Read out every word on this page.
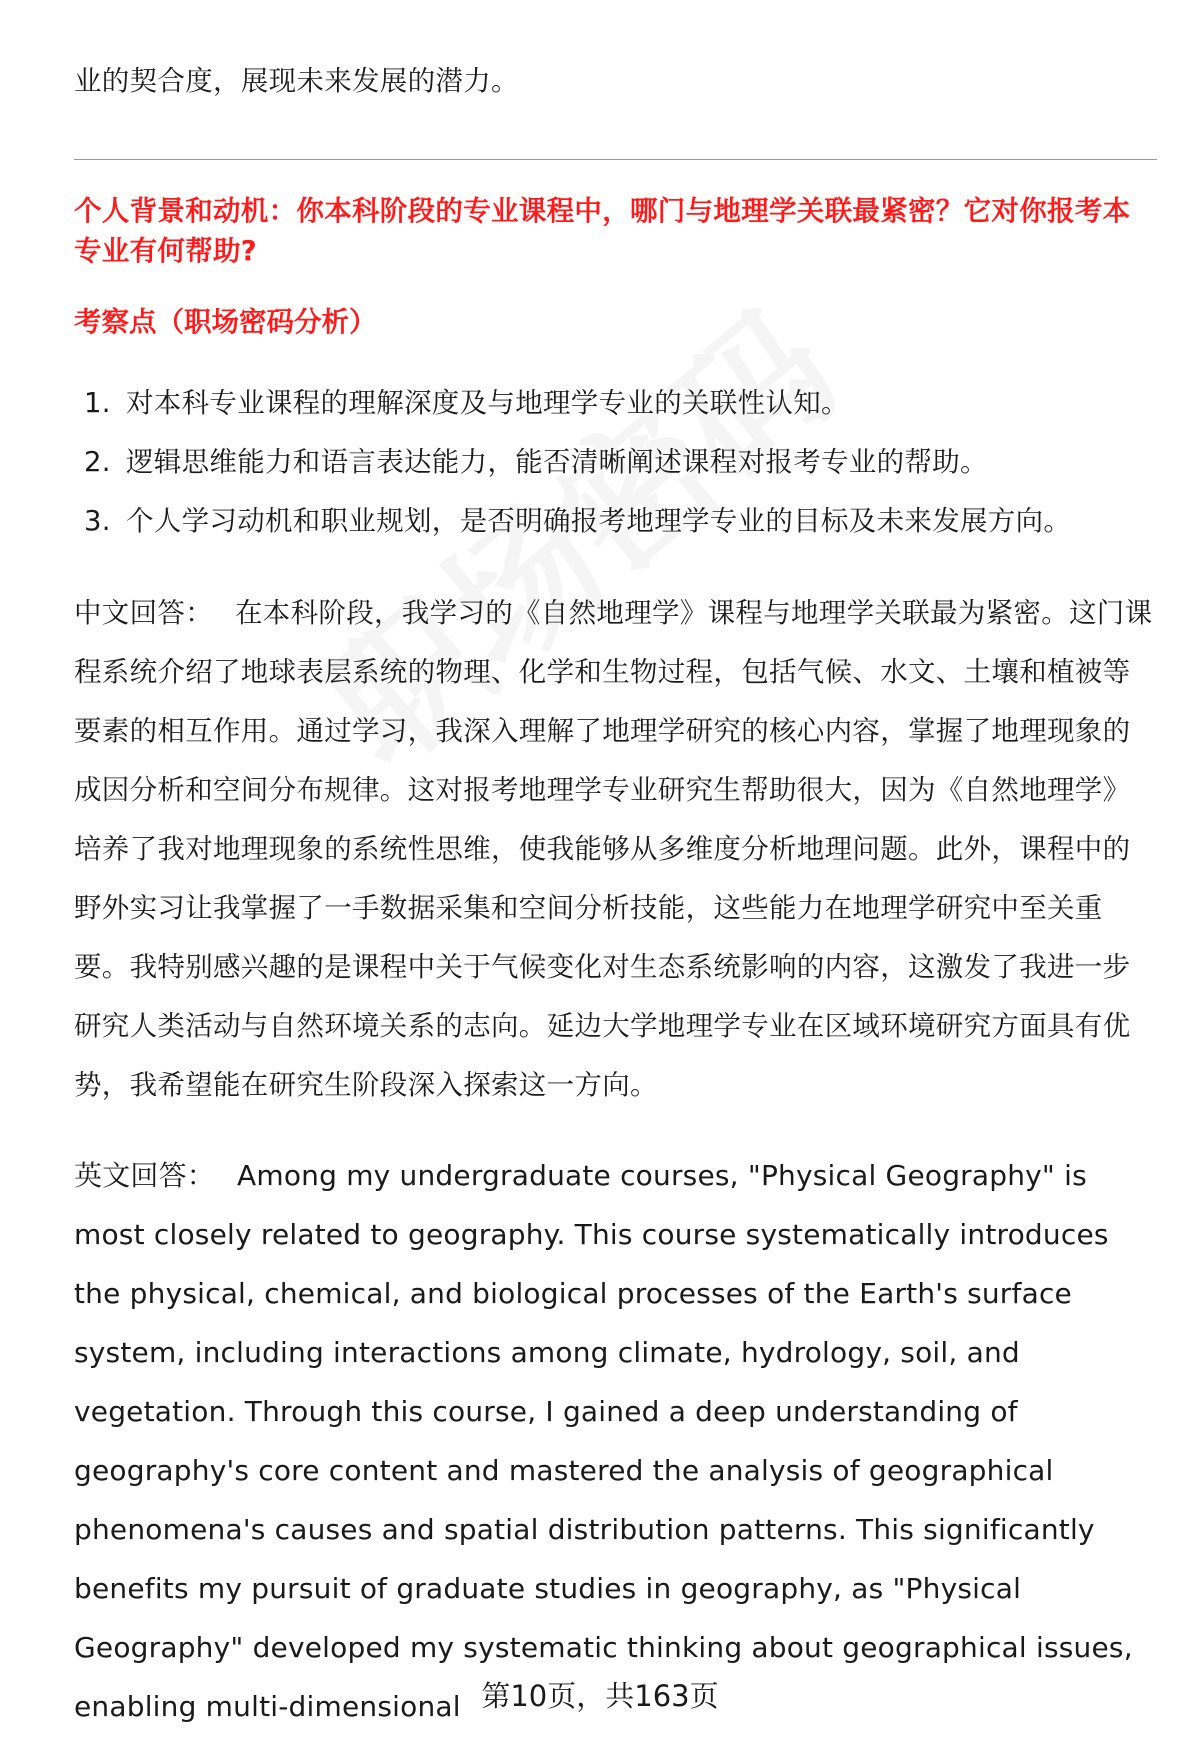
业的契合度，展现未来发展的潜力。

个人背景和动机：你本科阶段的专业课程中，哪门与地理学关联最紧密？它对你报考本专业有何帮助?

考察点（职场密码分析）

1. 对本科专业课程的理解深度及与地理学专业的关联性认知。
2. 逻辑思维能力和语言表达能力，能否清晰阐述课程对报考专业的帮助。
3. 个人学习动机和职业规划，是否明确报考地理学专业的目标及未来发展方向。

中文回答： 在本科阶段，我学习的《自然地理学》课程与地理学关联最为紧密。这门课程系统介绍了地球表层系统的物理、化学和生物过程，包括气候、水文、土壤和植被等要素的相互作用。通过学习，我深入理解了地理学研究的核心内容，掌握了地理现象的成因分析和空间分布规律。这对报考地理学专业研究生帮助很大，因为《自然地理学》培养了我对地理现象的系统性思维，使我能够从多维度分析地理问题。此外，课程中的野外实习让我掌握了一手数据采集和空间分析技能，这些能力在地理学研究中至关重要。我特别感兴趣的是课程中关于气候变化对生态系统影响的内容，这激发了我进一步研究人类活动与自然环境关系的志向。延边大学地理学专业在区域环境研究方面具有优势，我希望能在研究生阶段深入探索这一方向。

英文回答： Among my undergraduate courses, "Physical Geography" is most closely related to geography. This course systematically introduces the physical, chemical, and biological processes of the Earth's surface system, including interactions among climate, hydrology, soil, and vegetation. Through this course, I gained a deep understanding of geography's core content and mastered the analysis of geographical phenomena's causes and spatial distribution patterns. This significantly benefits my pursuit of graduate studies in geography, as "Physical Geography" developed my systematic thinking about geographical issues, enabling multi-dimensional 第10页，共163页
